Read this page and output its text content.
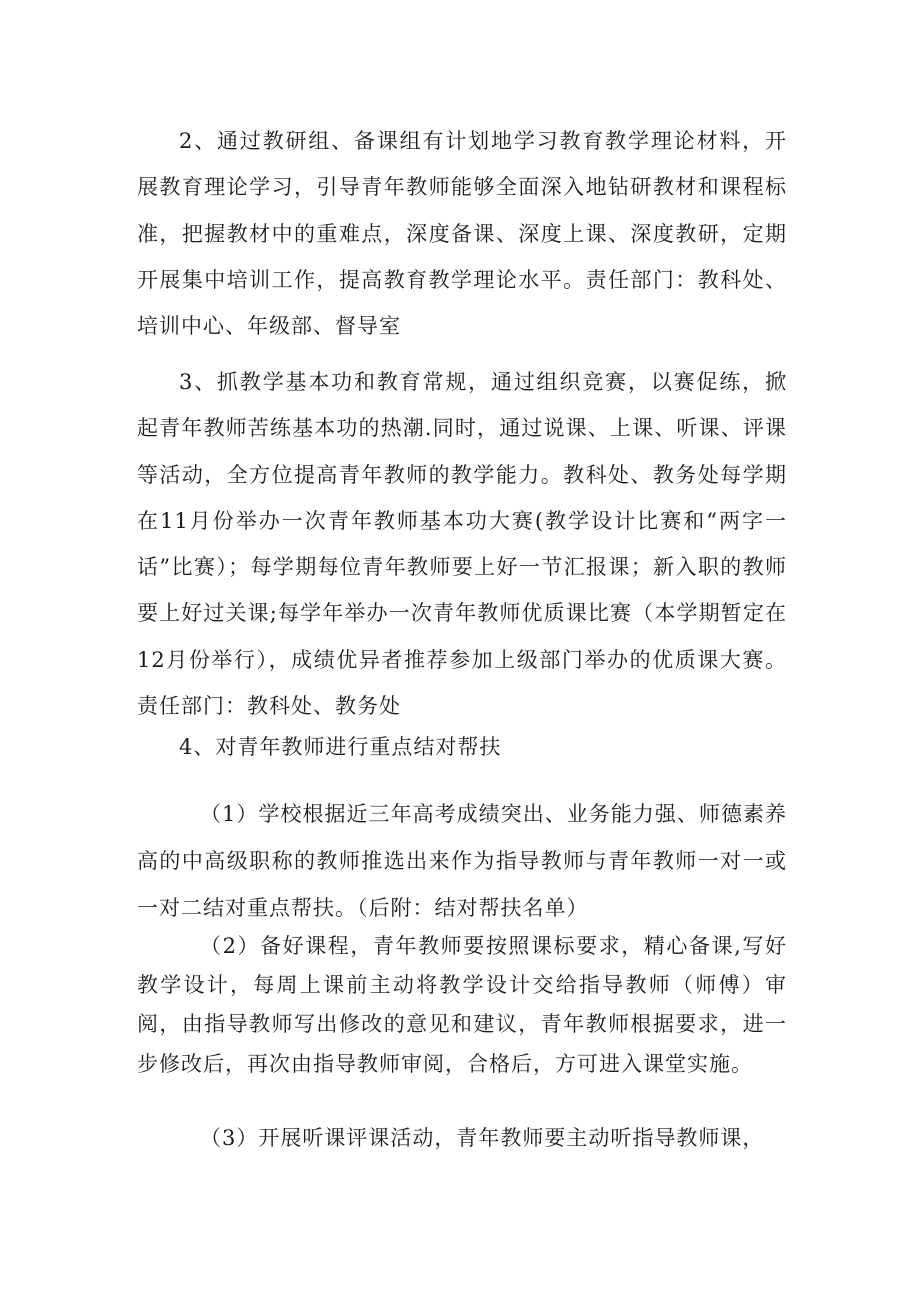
2、通过教研组、备课组有计划地学习教育教学理论材料，开展教育理论学习，引导青年教师能够全面深入地钻研教材和课程标准，把握教材中的重难点，深度备课、深度上课、深度教研，定期开展集中培训工作，提高教育教学理论水平。责任部门：教科处、培训中心、年级部、督导室

3、抓教学基本功和教育常规，通过组织竞赛，以赛促练，掀起青年教师苦练基本功的热潮.同时，通过说课、上课、听课、评课等活动，全方位提高青年教师的教学能力。教科处、教务处每学期在11月份举办一次青年教师基本功大赛(教学设计比赛和“两字一话”比赛）；每学期每位青年教师要上好一节汇报课；新入职的教师要上好过关课;每学年举办一次青年教师优质课比赛（本学期暂定在12月份举行），成绩优异者推荐参加上级部门举办的优质课大赛。责任部门：教科处、教务处

4、对青年教师进行重点结对帮扶

（1）学校根据近三年高考成绩突出、业务能力强、师德素养高的中高级职称的教师推选出来作为指导教师与青年教师一对一或一对二结对重点帮扶。（后附：结对帮扶名单）

（2）备好课程，青年教师要按照课标要求，精心备课,写好教学设计，每周上课前主动将教学设计交给指导教师（师傅）审阅，由指导教师写出修改的意见和建议，青年教师根据要求，进一步修改后，再次由指导教师审阅，合格后，方可进入课堂实施。

（3）开展听课评课活动，青年教师要主动听指导教师课，
